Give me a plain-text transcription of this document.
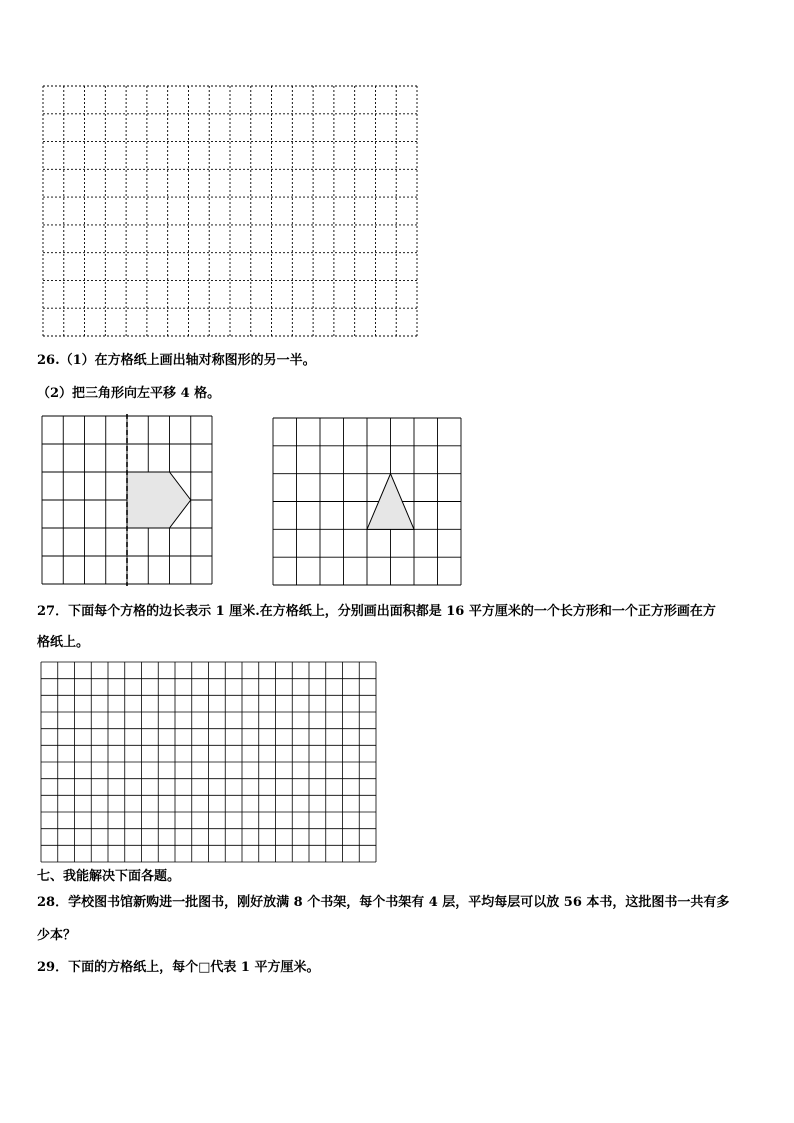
26.（1）在方格纸上画出轴对称图形的另一半。
（2）把三角形向左平移 4 格。
27．下面每个方格的边长表示 1 厘米.在方格纸上，分别画出面积都是 16 平方厘米的一个长方形和一个正方形画在方
格纸上。
七、我能解决下面各题。
28．学校图书馆新购进一批图书，刚好放满 8 个书架，每个书架有 4 层，平均每层可以放 56 本书，这批图书一共有多
少本？
29．下面的方格纸上，每个□代表 1 平方厘米。
